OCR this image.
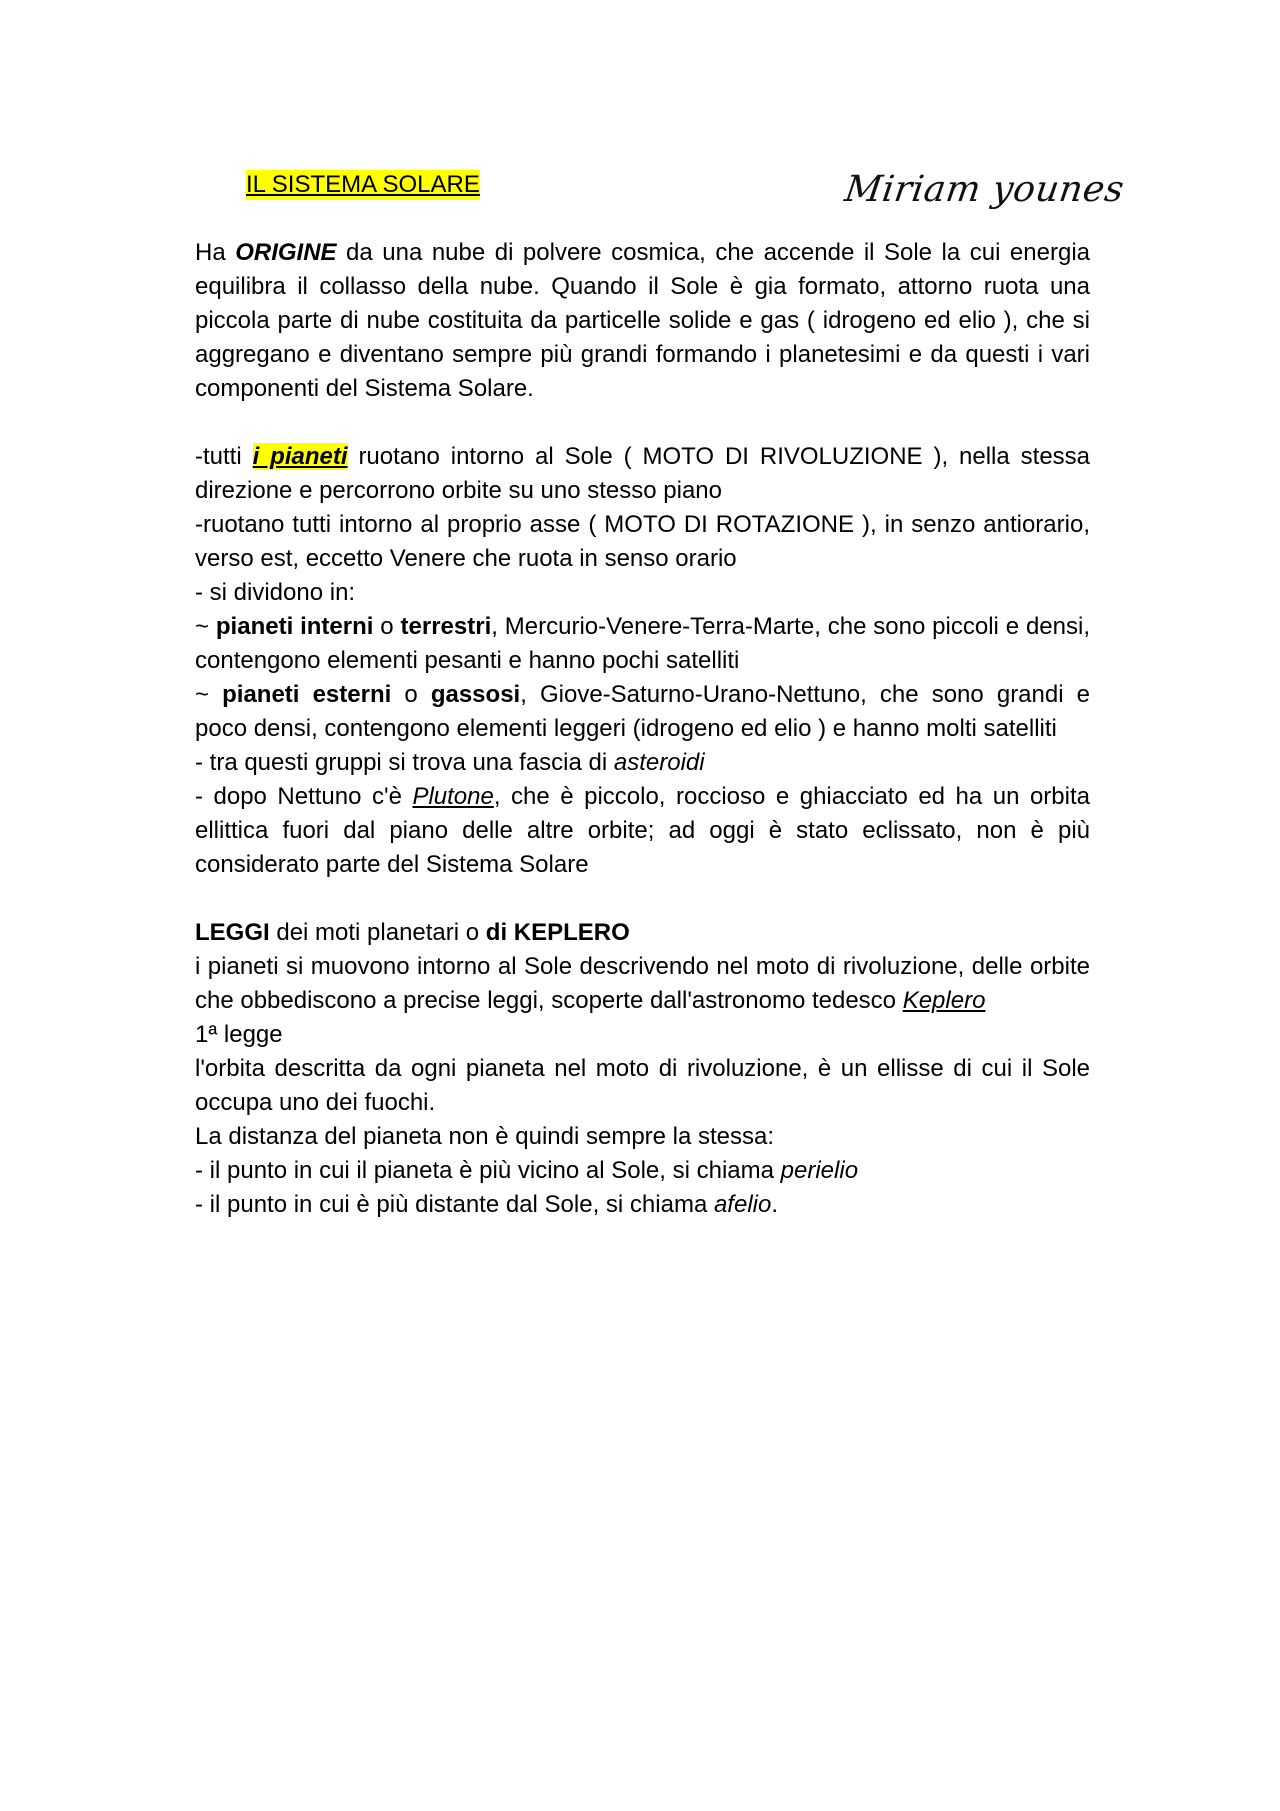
IL SISTEMA SOLARE	Miriam younes

Ha ORIGINE da una nube di polvere cosmica, che accende il Sole la cui energia equilibra il collasso della nube. Quando il Sole è gia formato, attorno ruota una piccola parte di nube costituita da particelle solide e gas ( idrogeno ed elio ), che si aggregano e diventano sempre più grandi formando i planetesimi e da questi i vari componenti del Sistema Solare.

-tutti i pianeti ruotano intorno al Sole ( MOTO DI RIVOLUZIONE ), nella stessa direzione e percorrono orbite su uno stesso piano

-ruotano tutti intorno al proprio asse ( MOTO DI ROTAZIONE ), in senzo antiorario, verso est, eccetto Venere che ruota in senso orario

- si dividono in:

~ pianeti interni o terrestri, Mercurio-Venere-Terra-Marte, che sono piccoli e densi, contengono elementi pesanti e hanno pochi satelliti

~ pianeti esterni o gassosi, Giove-Saturno-Urano-Nettuno, che sono grandi e poco densi, contengono elementi leggeri (idrogeno ed elio ) e hanno molti satelliti

- tra questi gruppi si trova una fascia di asteroidi

- dopo Nettuno c'è Plutone, che è piccolo, roccioso e ghiacciato ed ha un orbita ellittica fuori dal piano delle altre orbite; ad oggi è stato eclissato, non è più considerato parte del Sistema Solare

LEGGI dei moti planetari o di KEPLERO

i pianeti si muovono intorno al Sole descrivendo nel moto di rivoluzione, delle orbite che obbediscono a precise leggi, scoperte dall'astronomo tedesco Keplero

1ª legge

l'orbita descritta da ogni pianeta nel moto di rivoluzione, è un ellisse di cui il Sole occupa uno dei fuochi.

La distanza del pianeta non è quindi sempre la stessa:

- il punto in cui il pianeta è più vicino al Sole, si chiama perielio

- il punto in cui è più distante dal Sole, si chiama afelio.
